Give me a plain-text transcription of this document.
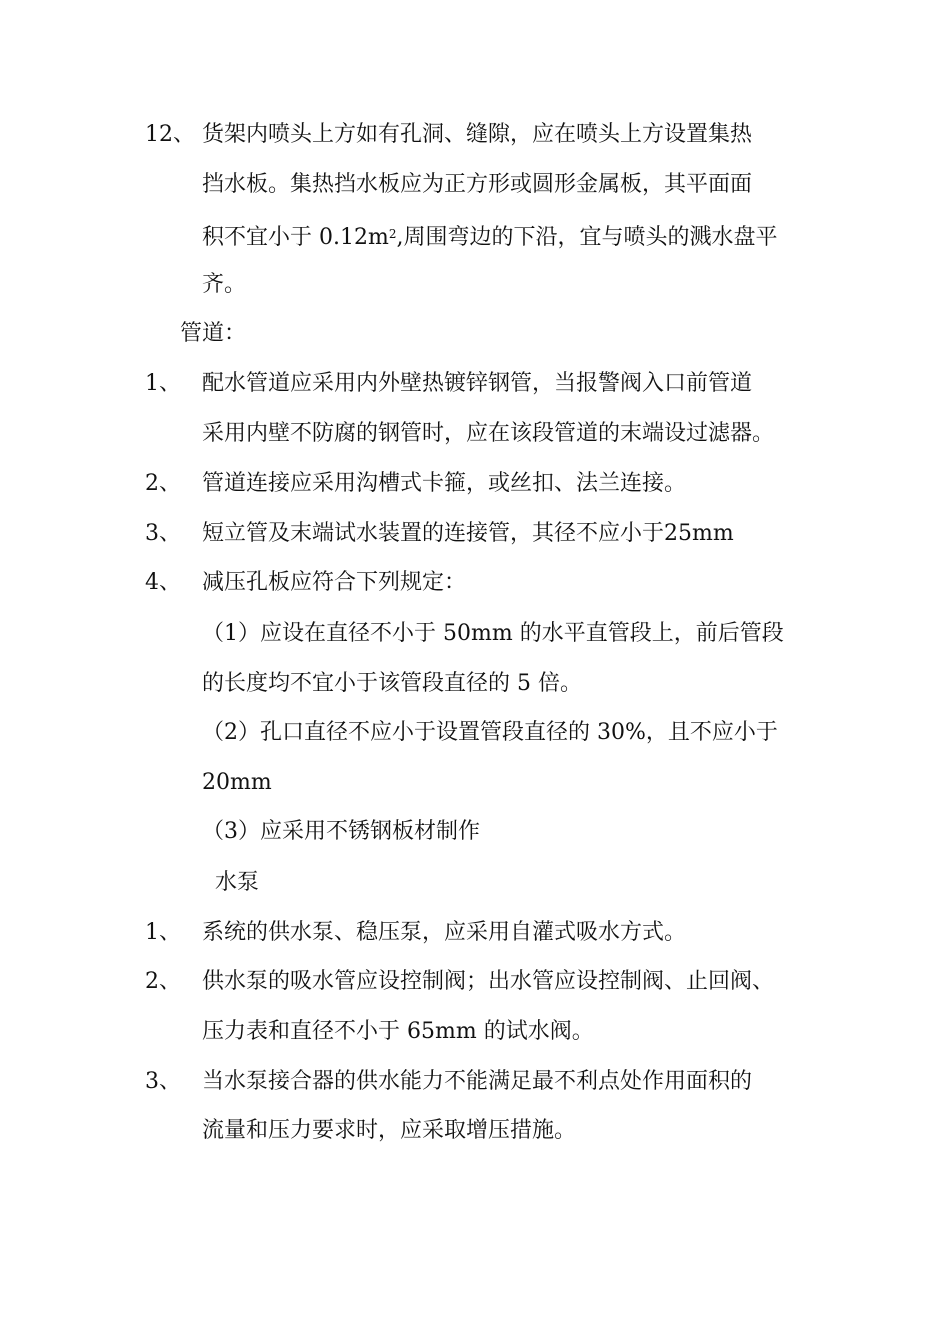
12、 货架内喷头上方如有孔洞、缝隙，应在喷头上方设置集热
挡水板。集热挡水板应为正方形或圆形金属板，其平面面
积不宜小于 $0.12m^2$,周围弯边的下沿，宜与喷头的溅水盘平
齐。
管道：
1、 配水管道应采用内外壁热镀锌钢管，当报警阀入口前管道
采用内壁不防腐的钢管时，应在该段管道的末端设过滤器。
2、 管道连接应采用沟槽式卡箍，或丝扣、法兰连接。
3、 短立管及末端试水装置的连接管，其径不应小于25mm
4、 减压孔板应符合下列规定：
（1）应设在直径不小于 50mm 的水平直管段上，前后管段
的长度均不宜小于该管段直径的 5 倍。
（2）孔口直径不应小于设置管段直径的 30%，且不应小于
20mm
（3）应采用不锈钢板材制作
水泵
1、 系统的供水泵、稳压泵，应采用自灌式吸水方式。
2、 供水泵的吸水管应设控制阀；出水管应设控制阀、止回阀、
压力表和直径不小于 65mm 的试水阀。
3、 当水泵接合器的供水能力不能满足最不利点处作用面积的
流量和压力要求时，应采取增压措施。
